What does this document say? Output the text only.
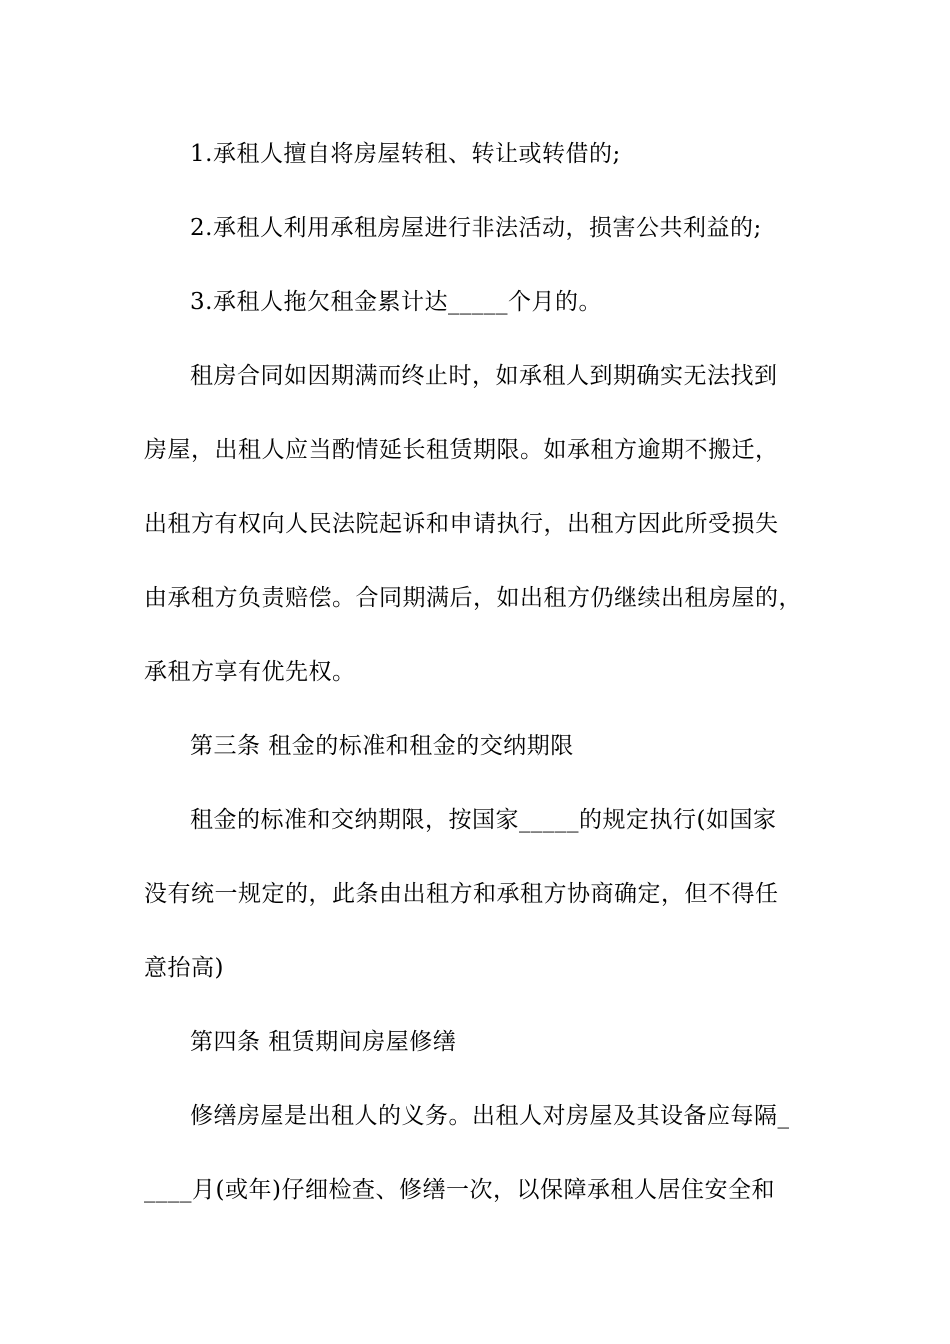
1.承租人擅自将房屋转租、转让或转借的;
2.承租人利用承租房屋进行非法活动，损害公共利益的;
3.承租人拖欠租金累计达_____个月的。
租房合同如因期满而终止时，如承租人到期确实无法找到
房屋，出租人应当酌情延长租赁期限。如承租方逾期不搬迁，
出租方有权向人民法院起诉和申请执行，出租方因此所受损失
由承租方负责赔偿。合同期满后，如出租方仍继续出租房屋的，
承租方享有优先权。
第三条 租金的标准和租金的交纳期限
租金的标准和交纳期限，按国家_____的规定执行(如国家
没有统一规定的，此条由出租方和承租方协商确定，但不得任
意抬高)
第四条 租赁期间房屋修缮
修缮房屋是出租人的义务。出租人对房屋及其设备应每隔_
____月(或年)仔细检查、修缮一次，以保障承租人居住安全和
